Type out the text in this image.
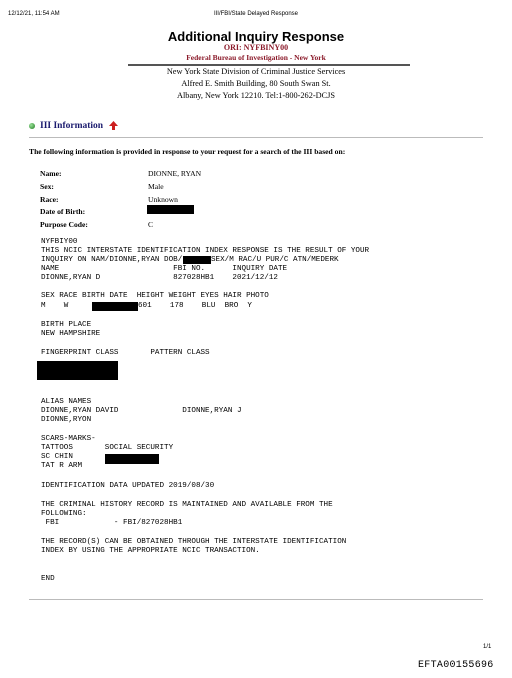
12/12/21, 11:54 AM	III/FBI/State Delayed Response
Additional Inquiry Response
ORI: NYFBINY00
Federal Bureau of Investigation - New York
New York State Division of Criminal Justice Services
Alfred E. Smith Building, 80 South Swan St.
Albany, New York 12210. Tel:1-800-262-DCJS
III Information
The following information is provided in response to your request for a search of the III based on:
Name:	DIONNE, RYAN
Sex:	Male
Race:	Unknown
Date of Birth:
Purpose Code:	C
NYFBIY00
THIS NCIC INTERSTATE IDENTIFICATION INDEX RESPONSE IS THE RESULT OF YOUR
INQUIRY ON NAM/DIONNE,RYAN DOB/	SEX/M RAC/U PUR/C ATN/MEDERK
NAME                         FBI NO.      INQUIRY DATE
DIONNE,RYAN D                827028HB1    2021/12/12
SEX RACE BIRTH DATE  HEIGHT WEIGHT EYES HAIR PHOTO
M    W	601    178    BLU  BRO  Y
BIRTH PLACE
NEW HAMPSHIRE
FINGERPRINT CLASS       PATTERN CLASS
ALIAS NAMES
DIONNE,RYAN DAVID              DIONNE,RYAN J
DIONNE,RYON
SCARS-MARKS-
TATTOOS       SOCIAL SECURITY
SC CHIN
TAT R ARM
IDENTIFICATION DATA UPDATED 2019/08/30
THE CRIMINAL HISTORY RECORD IS MAINTAINED AND AVAILABLE FROM THE
FOLLOWING:
FBI            - FBI/827028HB1
THE RECORD(S) CAN BE OBTAINED THROUGH THE INTERSTATE IDENTIFICATION
INDEX BY USING THE APPROPRIATE NCIC TRANSACTION.
END
1/1
EFTA00155696
